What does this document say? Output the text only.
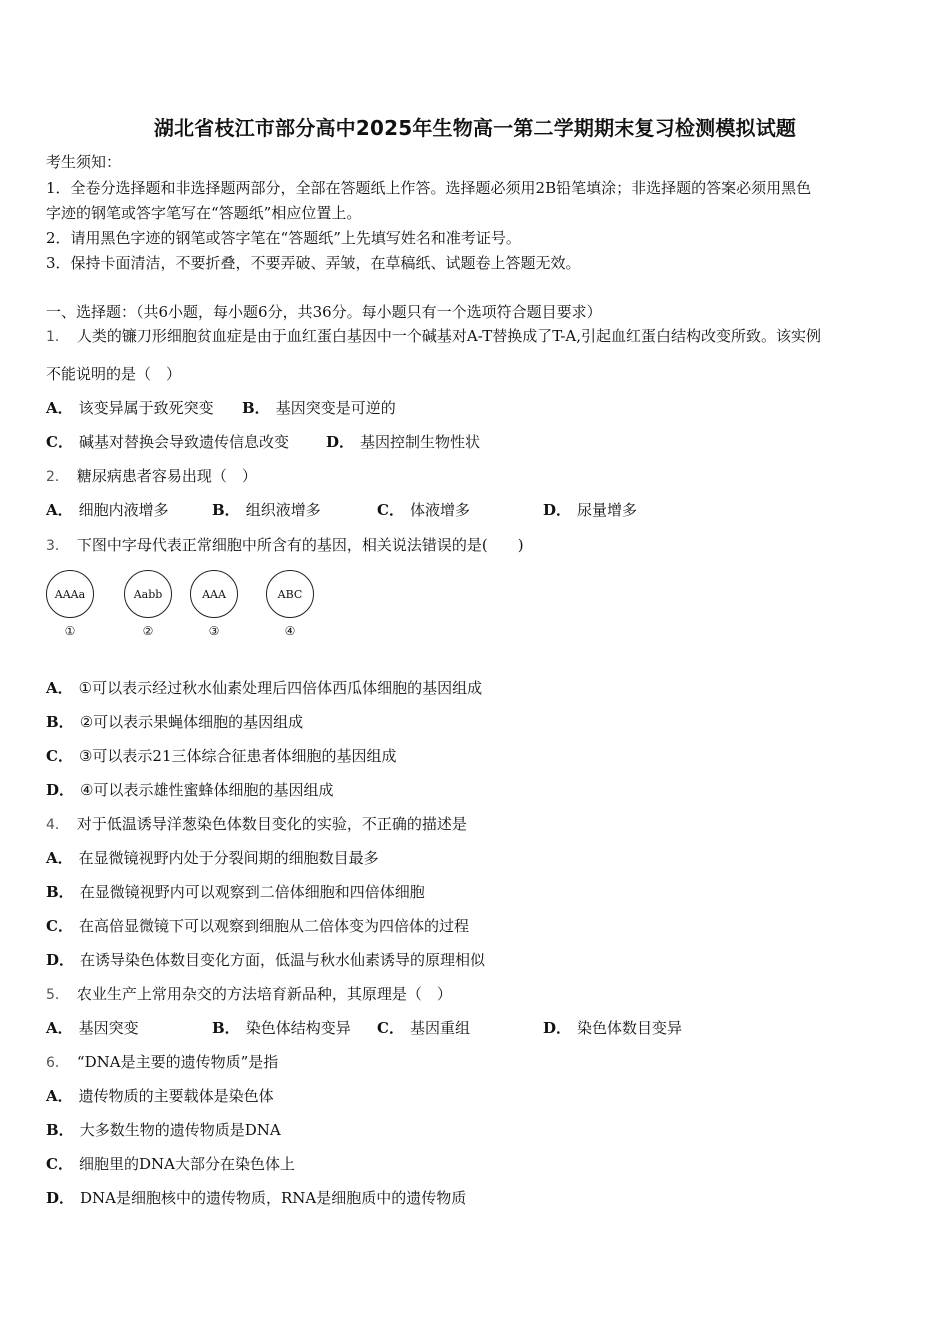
湖北省枝江市部分高中2025年生物高一第二学期期末复习检测模拟试题
考生须知：
1．全卷分选择题和非选择题两部分，全部在答题纸上作答。选择题必须用2B铅笔填涂；非选择题的答案必须用黑色
字迹的钢笔或答字笔写在“答题纸”相应位置上。
2．请用黑色字迹的钢笔或答字笔在“答题纸”上先填写姓名和准考证号。
3．保持卡面清洁，不要折叠，不要弄破、弄皱，在草稿纸、试题卷上答题无效。
一、选择题：（共6小题，每小题6分，共36分。每小题只有一个选项符合题目要求）
1． 人类的镰刀形细胞贫血症是由于血红蛋白基因中一个碱基对A-T替换成了T-A,引起血红蛋白结构改变所致。该实例
不能说明的是（　）
A． 该变异属于致死突变 B． 基因突变是可逆的
C． 碱基对替换会导致遗传信息改变 D． 基因控制生物性状
2． 糖尿病患者容易出现（　）
A． 细胞内液增多	B． 组织液增多	C． 体液增多	D． 尿量增多
3． 下图中字母代表正常细胞中所含有的基因，相关说法错误的是(　　)
AAAa	Aabb	AAA	ABC
①	②	③	④
A． ①可以表示经过秋水仙素处理后四倍体西瓜体细胞的基因组成
B． ②可以表示果蝇体细胞的基因组成
C． ③可以表示21三体综合征患者体细胞的基因组成
D． ④可以表示雄性蜜蜂体细胞的基因组成
4． 对于低温诱导洋葱染色体数目变化的实验，不正确的描述是
A． 在显微镜视野内处于分裂间期的细胞数目最多
B． 在显微镜视野内可以观察到二倍体细胞和四倍体细胞
C． 在高倍显微镜下可以观察到细胞从二倍体变为四倍体的过程
D． 在诱导染色体数目变化方面，低温与秋水仙素诱导的原理相似
5． 农业生产上常用杂交的方法培育新品种，其原理是（　）
A． 基因突变	B． 染色体结构变异 C． 基因重组	D． 染色体数目变异
6． “DNA是主要的遗传物质”是指
A． 遗传物质的主要载体是染色体
B． 大多数生物的遗传物质是DNA
C． 细胞里的DNA大部分在染色体上
D． DNA是细胞核中的遗传物质，RNA是细胞质中的遗传物质
